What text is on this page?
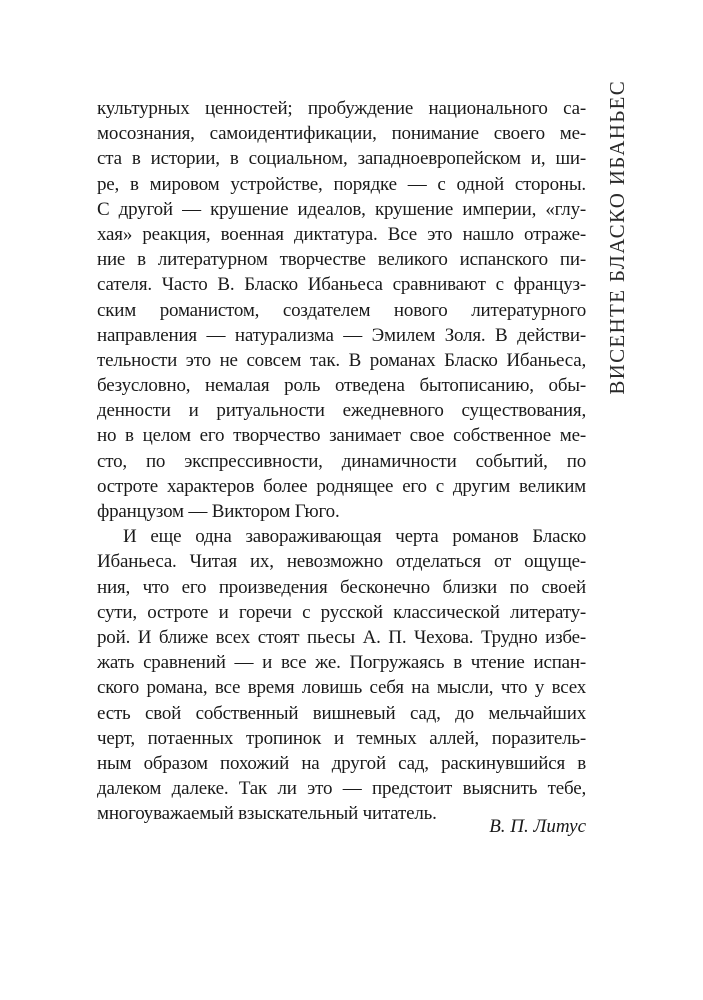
ВИСЕНТЕ БЛАСКО ИБАНЬЕС
культурных ценностей; пробуждение национального са-
мосознания, самоидентификации, понимание своего ме-
ста в истории, в социальном, западноевропейском и, ши-
ре, в мировом устройстве, порядке — с одной стороны.
С другой — крушение идеалов, крушение империи, «глу-
хая» реакция, военная диктатура. Все это нашло отраже-
ние в литературном творчестве великого испанского пи-
сателя. Часто В. Бласко Ибаньеса сравнивают с француз-
ским романистом, создателем нового литературного
направления — натурализма — Эмилем Золя. В действи-
тельности это не совсем так. В романах Бласко Ибаньеса,
безусловно, немалая роль отведена бытописанию, обы-
денности и ритуальности ежедневного существования,
но в целом его творчество занимает свое собственное ме-
сто, по экспрессивности, динамичности событий, по
остроте характеров более роднящее его с другим великим
французом — Виктором Гюго.
И еще одна завораживающая черта романов Бласко
Ибаньеса. Читая их, невозможно отделаться от ощуще-
ния, что его произведения бесконечно близки по своей
сути, остроте и горечи с русской классической литерату-
рой. И ближе всех стоят пьесы А. П. Чехова. Трудно избе-
жать сравнений — и все же. Погружаясь в чтение испан-
ского романа, все время ловишь себя на мысли, что у всех
есть свой собственный вишневый сад, до мельчайших
черт, потаенных тропинок и темных аллей, поразитель-
ным образом похожий на другой сад, раскинувшийся в
далеком далеке. Так ли это — предстоит выяснить тебе,
многоуважаемый взыскательный читатель.
В. П. Литус
